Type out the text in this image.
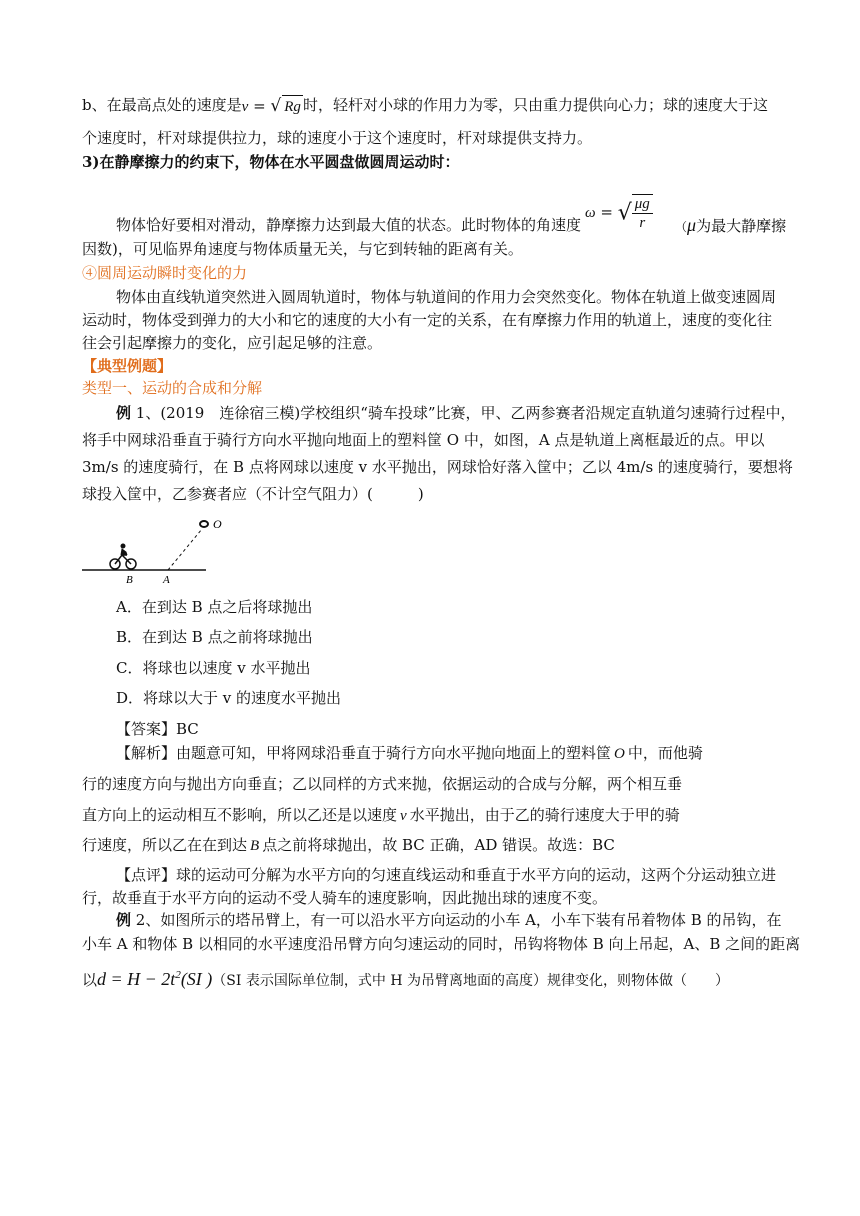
b、在最高点处的速度是v = √ Rg 时，轻杆对小球的作用力为零，只由重力提供向心力；球的速度大于这
个速度时，杆对球提供拉力，球的速度小于这个速度时，杆对球提供支持力。
3)在静摩擦力的约束下，物体在水平圆盘做圆周运动时：
ω = √ $\frac{\mu g}{r}$
物体恰好要相对滑动，静摩擦力达到最大值的状态。此时物体的角速度	（μ为最大静摩擦
因数)，可见临界角速度与物体质量无关，与它到转轴的距离有关。
④圆周运动瞬时变化的力
物体由直线轨道突然进入圆周轨道时，物体与轨道间的作用力会突然变化。物体在轨道上做变速圆周
运动时，物体受到弹力的大小和它的速度的大小有一定的关系，在有摩擦力作用的轨道上，速度的变化往
往会引起摩擦力的变化，应引起足够的注意。
【典型例题】
类型一、运动的合成和分解
例 1、(2019　连徐宿三模)学校组织“骑车投球”比赛，甲、乙两参赛者沿规定直轨道匀速骑行过程中，
将手中网球沿垂直于骑行方向水平抛向地面上的塑料筐 O 中，如图，A 点是轨道上离框最近的点。甲以
3m/s 的速度骑行，在 B 点将网球以速度 v 水平抛出，网球恰好落入筐中；乙以 4m/s 的速度骑行，要想将
球投入筐中，乙参赛者应（不计空气阻力）(　　　)
O
B	A
A．在到达 B 点之后将球抛出
B．在到达 B 点之前将球抛出
C．将球也以速度 v 水平抛出
D．将球以大于 v 的速度水平抛出
【答案】BC
【解析】由题意可知，甲将网球沿垂直于骑行方向水平抛向地面上的塑料筐 O 中，而他骑
行的速度方向与抛出方向垂直；乙以同样的方式来抛，依据运动的合成与分解，两个相互垂
直方向上的运动相互不影响，所以乙还是以速度 v 水平抛出，由于乙的骑行速度大于甲的骑
行速度，所以乙在在到达 B 点之前将球抛出，故 BC 正确，AD 错误。故选：BC
【点评】球的运动可分解为水平方向的匀速直线运动和垂直于水平方向的运动，这两个分运动独立进
行，故垂直于水平方向的运动不受人骑车的速度影响，因此抛出球的速度不变。
例 2、如图所示的塔吊臂上，有一可以沿水平方向运动的小车 A，小车下装有吊着物体 B 的吊钩，在
小车 A 和物体 B 以相同的水平速度沿吊臂方向匀速运动的同时，吊钩将物体 B 向上吊起，A、B 之间的距离
以$d = H - 2t^2(SI$ )（SI 表示国际单位制，式中 H 为吊臂离地面的高度）规律变化，则物体做（　　）
